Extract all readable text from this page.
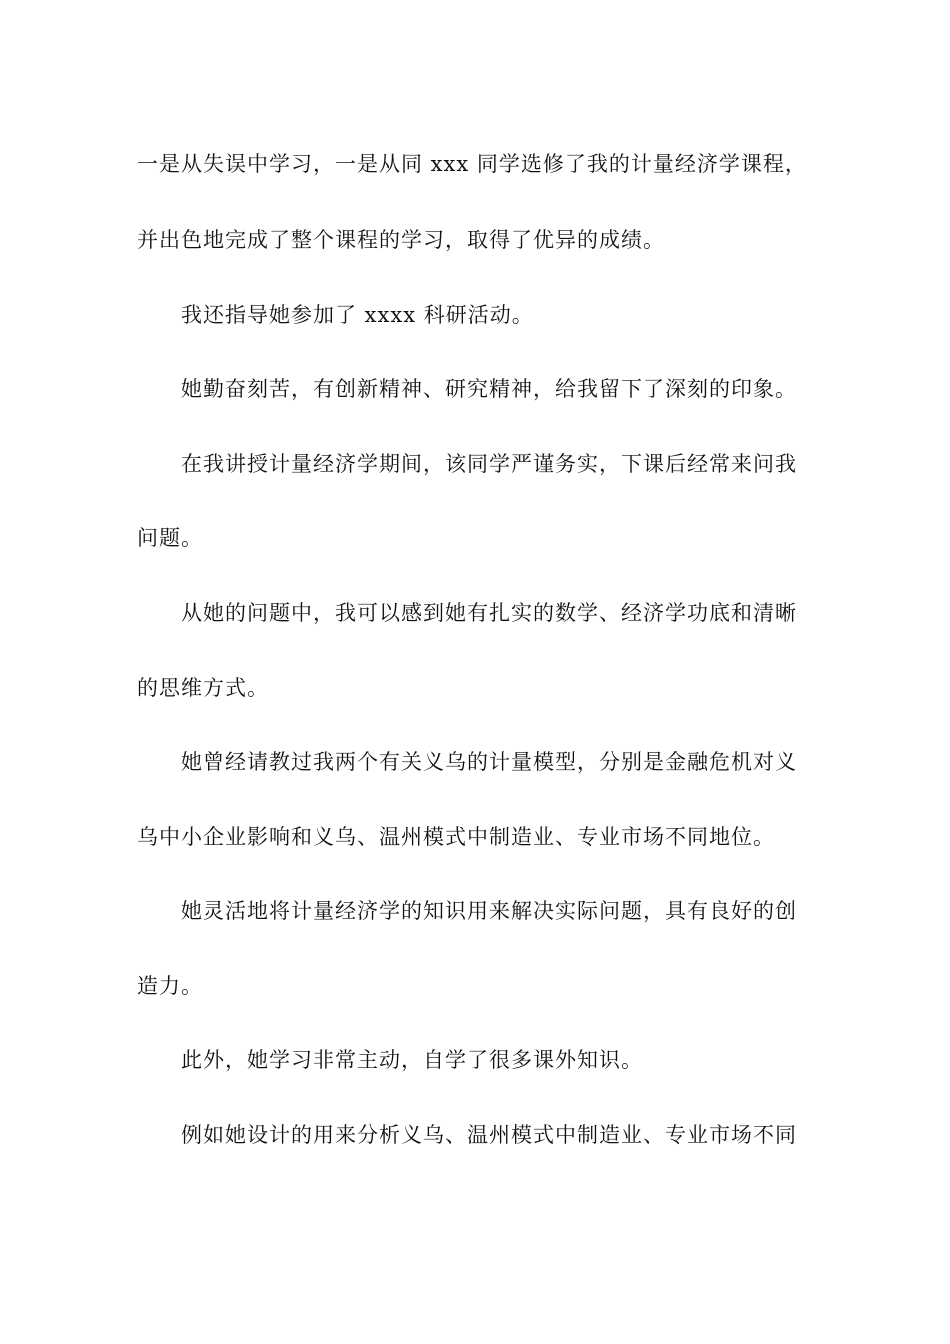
一是从失误中学习，一是从同 xxx 同学选修了我的计量经济学课程，
并出色地完成了整个课程的学习，取得了优异的成绩。
我还指导她参加了 xxxx 科研活动。
她勤奋刻苦，有创新精神、研究精神，给我留下了深刻的印象。
在我讲授计量经济学期间，该同学严谨务实，下课后经常来问我
问题。
从她的问题中，我可以感到她有扎实的数学、经济学功底和清晰
的思维方式。
她曾经请教过我两个有关义乌的计量模型，分别是金融危机对义
乌中小企业影响和义乌、温州模式中制造业、专业市场不同地位。
她灵活地将计量经济学的知识用来解决实际问题，具有良好的创
造力。
此外，她学习非常主动，自学了很多课外知识。
例如她设计的用来分析义乌、温州模式中制造业、专业市场不同
